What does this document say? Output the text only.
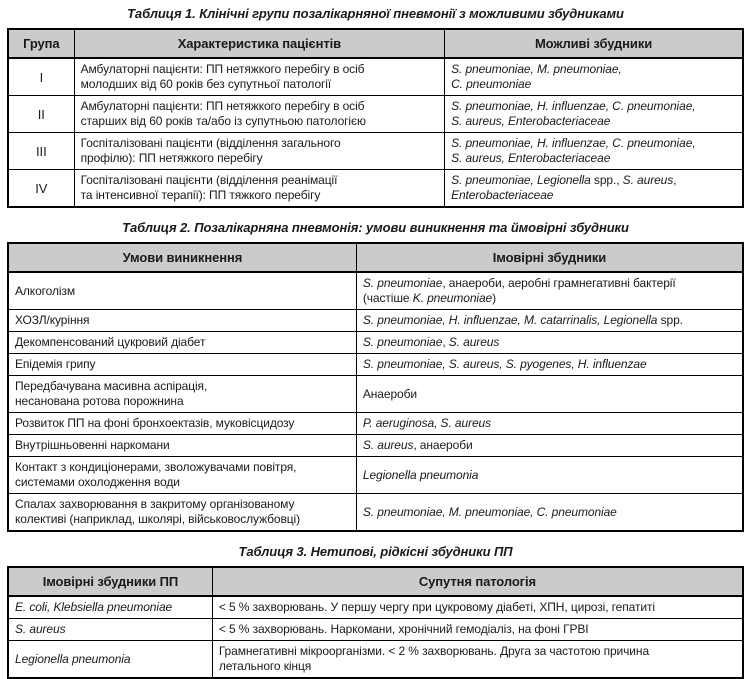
Таблиця 1. Клінічні групи позалікарняної пневмонії з можливими збудниками
Група	Характеристика пацієнтів	Можливі збудники
I	Амбулаторні пацієнти: ПП нетяжкого перебігу в осіб
молодших від 60 років без супутньої патології	S. pneumoniae, M. pneumoniae,
C. pneumoniae
II	Амбулаторні пацієнти: ПП нетяжкого перебігу в осіб
старших від 60 років та/або із супутньою патологією	S. pneumoniae, H. influenzae, C. pneumoniae,
S. aureus, Enterobacteriaceae
III	Госпіталізовані пацієнти (відділення загального
профілю): ПП нетяжкого перебігу	S. pneumoniae, H. influenzae, C. pneumoniae,
S. aureus, Enterobacteriaceae
IV	Госпіталізовані пацієнти (відділення реанімації
та інтенсивної терапії): ПП тяжкого перебігу	S. pneumoniae, Legionella spp., S. aureus,
Enterobacteriaceae
Таблиця 2. Позалікарняна пневмонія: умови виникнення та ймовірні збудники
Умови виникнення	Імовірні збудники
Алкоголізм	S. pneumoniae, анаероби, аеробні грамнегативні бактерії
(частіше K. pneumoniae)
ХОЗЛ/куріння	S. pneumoniae, H. influenzae, M. catarrinalis, Legionella spp.
Декомпенсований цукровий діабет	S. pneumoniae, S. aureus
Епідемія грипу	S. pneumoniae, S. aureus, S. pyogenes, H. influenzae
Передбачувана масивна аспірація,
несанована ротова порожнина	Анаероби
Розвиток ПП на фоні бронхоектазів, муковісцидозу	P. aeruginosa, S. aureus
Внутрішньовенні наркомани	S. aureus, анаероби
Контакт з кондиціонерами, зволожувачами повітря,
системами охолодження води	Legionella pneumonia
Спалах захворювання в закритому організованому
колективі (наприклад, школярі, військовослужбовці)	S. pneumoniae, M. pneumoniae, C. pneumoniae
Таблиця 3. Нетипові, рідкісні збудники ПП
Імовірні збудники ПП	Супутня патологія
E. coli, Klebsiella pneumoniae	< 5 % захворювань. У першу чергу при цукровому діабеті, ХПН, цирозі, гепатиті
S. aureus	< 5 % захворювань. Наркомани, хронічний гемодіаліз, на фоні ГРВІ
Legionella pneumonia	Грамнегативні мікроорганізми. < 2 % захворювань. Друга за частотою причина
летального кінця
